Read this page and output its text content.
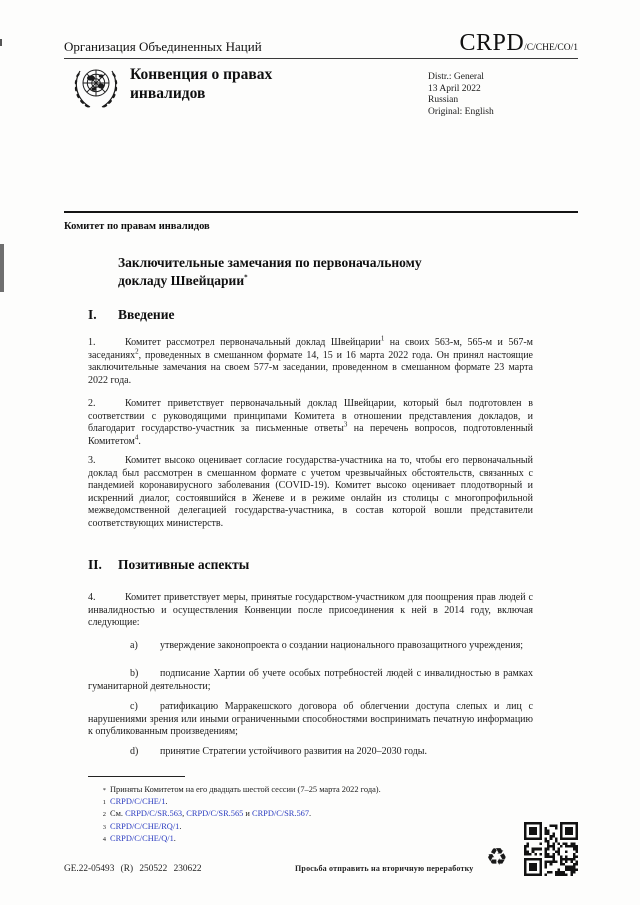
Организация Объединенных Наций	CRPD/C/CHE/CO/1
Конвенция о правах инвалидов
Distr.: General
13 April 2022
Russian
Original: English
Комитет по правам инвалидов
Заключительные замечания по первоначальному докладу Швейцарии*
I. Введение
1.	Комитет рассмотрел первоначальный доклад Швейцарии$^1$ на своих 563-м, 565-м и 567-м заседаниях$^2$, проведенных в смешанном формате 14, 15 и 16 марта 2022 года. Он принял настоящие заключительные замечания на своем 577-м заседании, проведенном в смешанном формате 23 марта 2022 года.
2.	Комитет приветствует первоначальный доклад Швейцарии, который был подготовлен в соответствии с руководящими принципами Комитета в отношении представления докладов, и благодарит государство-участник за письменные ответы$^3$ на перечень вопросов, подготовленный Комитетом$^4$.
3.	Комитет высоко оценивает согласие государства-участника на то, чтобы его первоначальный доклад был рассмотрен в смешанном формате с учетом чрезвычайных обстоятельств, связанных с пандемией коронавирусного заболевания (COVID-19). Комитет высоко оценивает плодотворный и искренний диалог, состоявшийся в Женеве и в режиме онлайн из столицы с многопрофильной межведомственной делегацией государства-участника, в состав которой вошли представители соответствующих министерств.
II. Позитивные аспекты
4.	Комитет приветствует меры, принятые государством-участником для поощрения прав людей с инвалидностью и осуществления Конвенции после присоединения к ней в 2014 году, включая следующие:
a) утверждение законопроекта о создании национального правозащитного учреждения;
b) подписание Хартии об учете особых потребностей людей с инвалидностью в рамках гуманитарной деятельности;
c) ратификацию Марракешского договора об облегчении доступа слепых и лиц с нарушениями зрения или иными ограниченными способностями воспринимать печатную информацию к опубликованным произведениям;
d) принятие Стратегии устойчивого развития на 2020–2030 годы.
* Приняты Комитетом на его двадцать шестой сессии (7–25 марта 2022 года).
1 CRPD/C/CHE/1.
2 См. CRPD/C/SR.563, CRPD/C/SR.565 и CRPD/C/SR.567.
3 CRPD/C/CHE/RQ/1.
4 CRPD/C/CHE/Q/1.
GE.22-05493 (R) 250522 230622	Просьба отправить на вторичную переработку ♻
